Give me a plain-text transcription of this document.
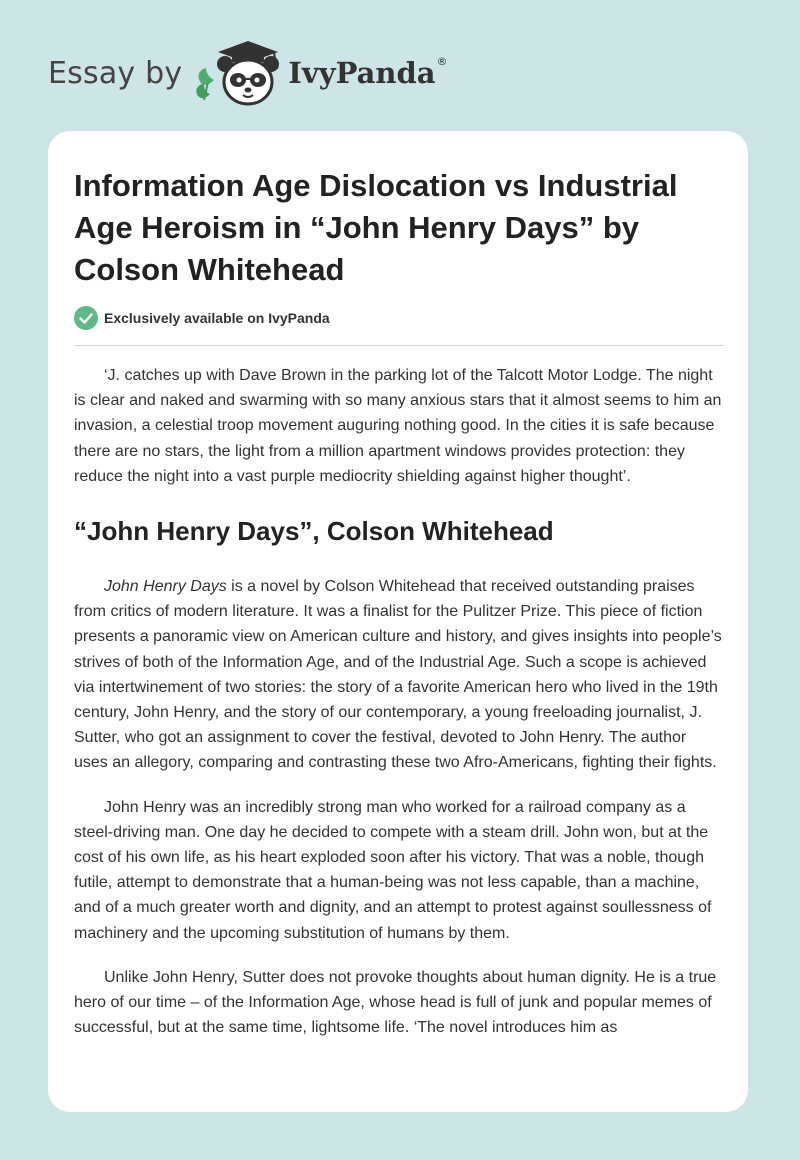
Essay by	IvyPanda ®
Information Age Dislocation vs Industrial Age Heroism in “John Henry Days” by Colson Whitehead
Exclusively available on IvyPanda

‘J. catches up with Dave Brown in the parking lot of the Talcott Motor Lodge. The night is clear and naked and swarming with so many anxious stars that it almost seems to him an invasion, a celestial troop movement auguring nothing good. In the cities it is safe because there are no stars, the light from a million apartment windows provides protection: they reduce the night into a vast purple mediocrity shielding against higher thought’.

“John Henry Days”, Colson Whitehead

John Henry Days is a novel by Colson Whitehead that received outstanding praises from critics of modern literature. It was a finalist for the Pulitzer Prize. This piece of fiction presents a panoramic view on American culture and history, and gives insights into people’s strives of both of the Information Age, and of the Industrial Age. Such a scope is achieved via intertwinement of two stories: the story of a favorite American hero who lived in the 19th century, John Henry, and the story of our contemporary, a young freeloading journalist, J. Sutter, who got an assignment to cover the festival, devoted to John Henry. The author uses an allegory, comparing and contrasting these two Afro-Americans, fighting their fights.

John Henry was an incredibly strong man who worked for a railroad company as a steel-driving man. One day he decided to compete with a steam drill. John won, but at the cost of his own life, as his heart exploded soon after his victory. That was a noble, though futile, attempt to demonstrate that a human-being was not less capable, than a machine, and of a much greater worth and dignity, and an attempt to protest against soullessness of machinery and the upcoming substitution of humans by them.

Unlike John Henry, Sutter does not provoke thoughts about human dignity. He is a true hero of our time – of the Information Age, whose head is full of junk and popular memes of successful, but at the same time, lightsome life. ‘The novel introduces him as
